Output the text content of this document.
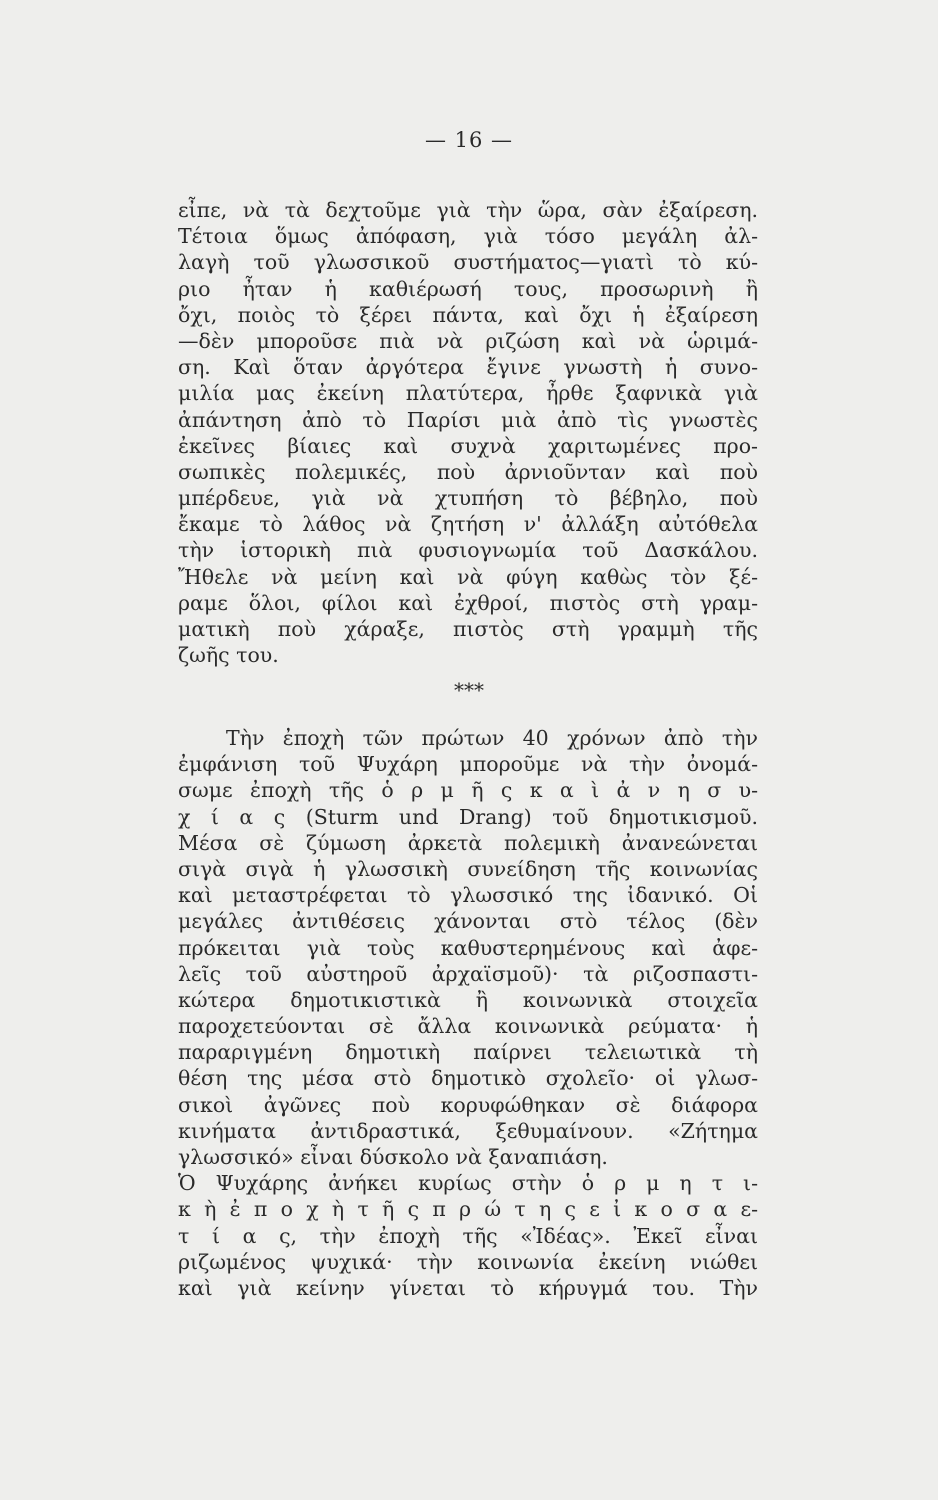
— 16 —
εἶπε, νὰ τὰ δεχτοῦμε γιὰ τὴν ὥρα, σὰν ἐξαίρεση.
Τέτοια ὅμως ἀπόφαση, γιὰ τόσο μεγάλη ἀλ-
λαγὴ τοῦ γλωσσικοῦ συστήματος—γιατὶ τὸ κύ-
ριο ἦταν ἡ καθιέρωσή τους, προσωρινὴ ἢ
ὄχι, ποιὸς τὸ ξέρει πάντα, καὶ ὄχι ἡ ἐξαίρεση
—δὲν μποροῦσε πιὰ νὰ ριζώση καὶ νὰ ὡριμά-
ση. Καὶ ὅταν ἀργότερα ἔγινε γνωστὴ ἡ συνο-
μιλία μας ἐκείνη πλατύτερα, ἦρθε ξαφνικὰ γιὰ
ἀπάντηση ἀπὸ τὸ Παρίσι μιὰ ἀπὸ τὶς γνωστὲς
ἐκεῖνες βίαιες καὶ συχνὰ χαριτωμένες προ-
σωπικὲς πολεμικές, ποὺ ἀρνιοῦνταν καὶ ποὺ
μπέρδευε, γιὰ νὰ χτυπήση τὸ βέβηλο, ποὺ
ἔκαμε τὸ λάθος νὰ ζητήση ν' ἀλλάξη αὐτόθελα
τὴν ἱστορικὴ πιὰ φυσιογνωμία τοῦ Δασκάλου.
Ἤθελε νὰ μείνη καὶ νὰ φύγη καθὼς τὸν ξέ-
ραμε ὅλοι, φίλοι καὶ ἐχθροί, πιστὸς στὴ γραμ-
ματικὴ ποὺ χάραξε, πιστὸς στὴ γραμμὴ τῆς
ζωῆς του.
***
Τὴν ἐποχὴ τῶν πρώτων 40 χρόνων ἀπὸ τὴν
ἐμφάνιση τοῦ Ψυχάρη μποροῦμε νὰ τὴν ὀνομά-
σωμε ἐποχὴ τῆς ὁ ρ μ ῆ ς κ α ὶ ἀ ν η σ υ-
χ ί α ς (Sturm und Drang) τοῦ δημοτικισμοῦ.
Μέσα σὲ ζύμωση ἀρκετὰ πολεμικὴ ἀνανεώνεται
σιγὰ σιγὰ ἡ γλωσσικὴ συνείδηση τῆς κοινωνίας
καὶ μεταστρέφεται τὸ γλωσσικό της ἰδανικό. Οἱ
μεγάλες ἀντιθέσεις χάνονται στὸ τέλος (δὲν
πρόκειται γιὰ τοὺς καθυστερημένους καὶ ἀφε-
λεῖς τοῦ αὐστηροῦ ἀρχαϊσμοῦ)· τὰ ριζοσπαστι-
κώτερα δημοτικιστικὰ ἢ κοινωνικὰ στοιχεῖα
παροχετεύονται σὲ ἄλλα κοινωνικὰ ρεύματα· ἡ
παραριγμένη δημοτικὴ παίρνει τελειωτικὰ τὴ
θέση της μέσα στὸ δημοτικὸ σχολεῖο· οἱ γλωσ-
σικοὶ ἀγῶνες ποὺ κορυφώθηκαν σὲ διάφορα
κινήματα ἀντιδραστικά, ξεθυμαίνουν. «Ζήτημα
γλωσσικό» εἶναι δύσκολο νὰ ξαναπιάση.
Ὁ Ψυχάρης ἀνήκει κυρίως στὴν ὁ ρ μ η τ ι-
κ ὴ ἐ π ο χ ὴ τ ῆ ς π ρ ώ τ η ς ε ἰ κ ο σ α ε-
τ ί α ς, τὴν ἐποχὴ τῆς «Ἰδέας». Ἐκεῖ εἶναι
ριζωμένος ψυχικά· τὴν κοινωνία ἐκείνη νιώθει
καὶ γιὰ κείνην γίνεται τὸ κήρυγμά του. Τὴν
